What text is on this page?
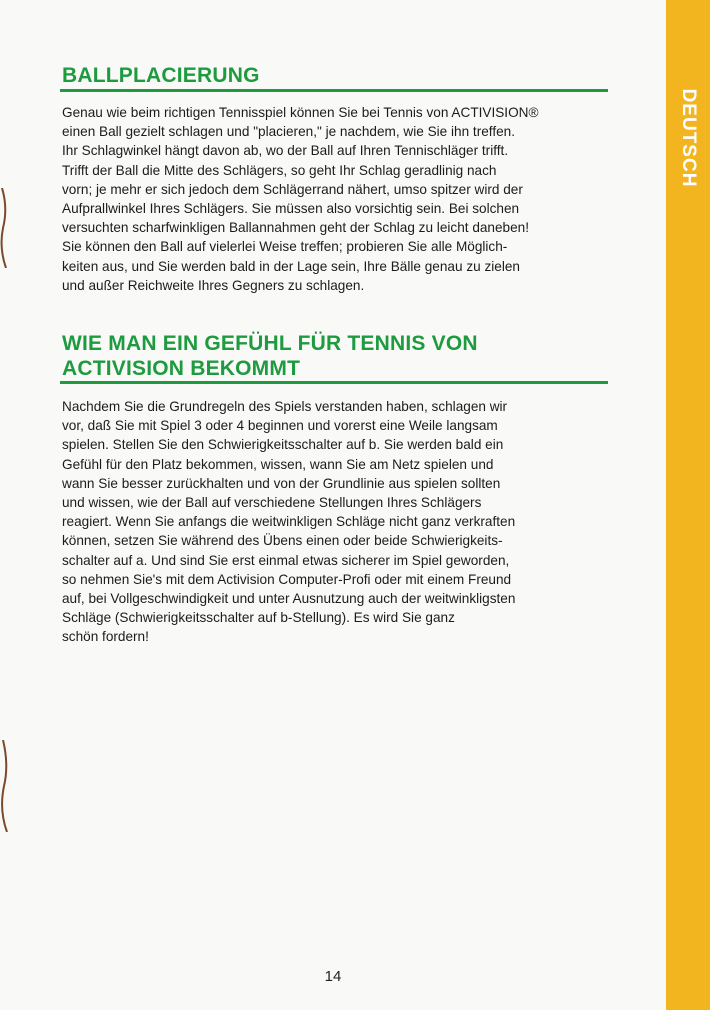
DEUTSCH
BALLPLACIERUNG
Genau wie beim richtigen Tennisspiel können Sie bei Tennis von ACTIVISION®
einen Ball gezielt schlagen und "placieren," je nachdem, wie Sie ihn treffen.
Ihr Schlagwinkel hängt davon ab, wo der Ball auf Ihren Tennischläger trifft.
Trifft der Ball die Mitte des Schlägers, so geht Ihr Schlag geradlinig nach
vorn; je mehr er sich jedoch dem Schlägerrand nähert, umso spitzer wird der
Aufprallwinkel Ihres Schlägers. Sie müssen also vorsichtig sein. Bei solchen
versuchten scharfwinkligen Ballannahmen geht der Schlag zu leicht daneben!
Sie können den Ball auf vielerlei Weise treffen; probieren Sie alle Möglich-
keiten aus, und Sie werden bald in der Lage sein, Ihre Bälle genau zu zielen
und außer Reichweite Ihres Gegners zu schlagen.
WIE MAN EIN GEFÜHL FÜR TENNIS VON
ACTIVISION BEKOMMT
Nachdem Sie die Grundregeln des Spiels verstanden haben, schlagen wir
vor, daß Sie mit Spiel 3 oder 4 beginnen und vorerst eine Weile langsam
spielen. Stellen Sie den Schwierigkeitsschalter auf b. Sie werden bald ein
Gefühl für den Platz bekommen, wissen, wann Sie am Netz spielen und
wann Sie besser zurückhalten und von der Grundlinie aus spielen sollten
und wissen, wie der Ball auf verschiedene Stellungen Ihres Schlägers
reagiert. Wenn Sie anfangs die weitwinkligen Schläge nicht ganz verkraften
können, setzen Sie während des Übens einen oder beide Schwierigkeits-
schalter auf a. Und sind Sie erst einmal etwas sicherer im Spiel geworden,
so nehmen Sie's mit dem Activision Computer-Profi oder mit einem Freund
auf, bei Vollgeschwindigkeit und unter Ausnutzung auch der weitwinkligsten
Schläge (Schwierigkeitsschalter auf b-Stellung). Es wird Sie ganz
schön fordern!
14
